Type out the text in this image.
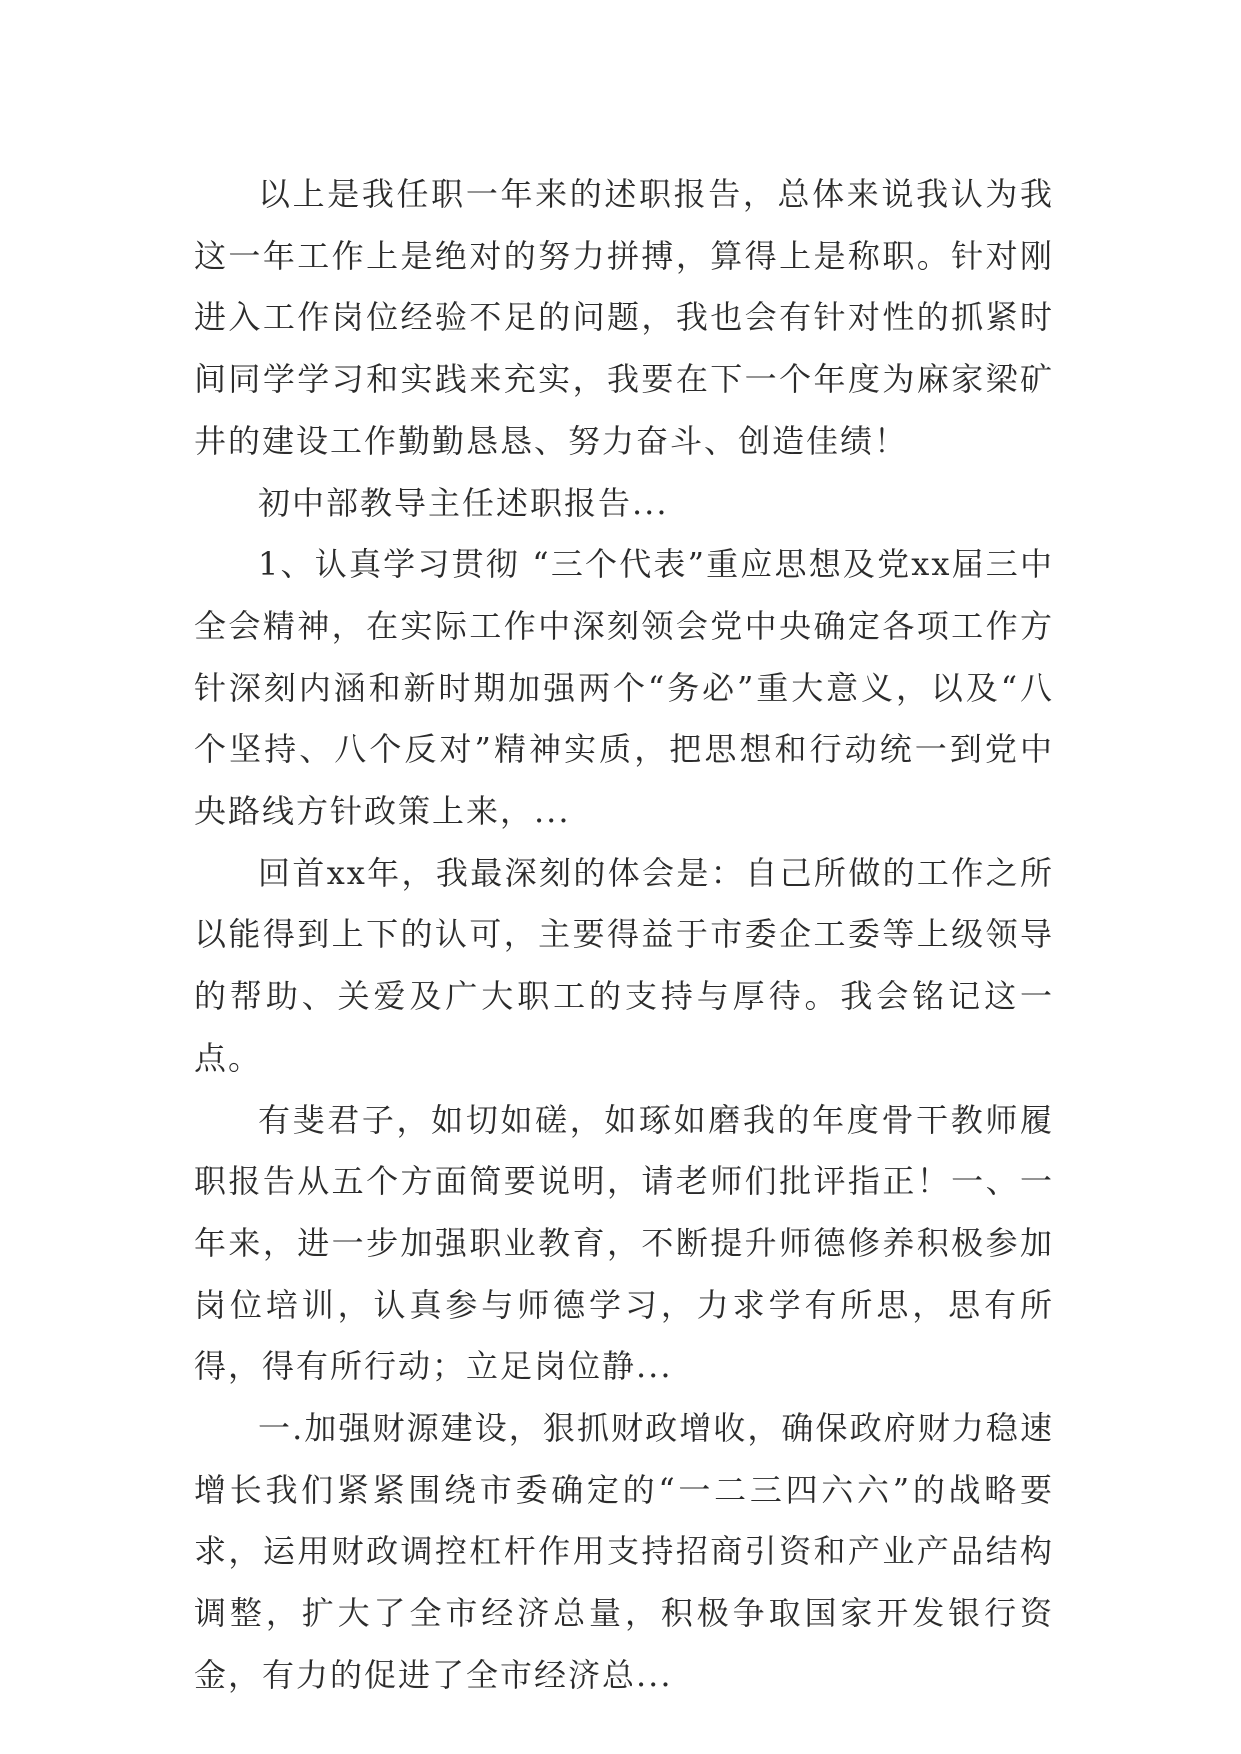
以上是我任职一年来的述职报告，总体来说我认为我这一年工作上是绝对的努力拼搏，算得上是称职。针对刚进入工作岗位经验不足的问题，我也会有针对性的抓紧时间同学学习和实践来充实，我要在下一个年度为麻家梁矿井的建设工作勤勤恳恳、努力奋斗、创造佳绩！

初中部教导主任述职报告...

1、认真学习贯彻 “三个代表”重应思想及党xx届三中全会精神，在实际工作中深刻领会党中央确定各项工作方针深刻内涵和新时期加强两个“务必”重大意义，以及“八个坚持、八个反对”精神实质，把思想和行动统一到党中央路线方针政策上来，...

回首xx年，我最深刻的体会是：自己所做的工作之所以能得到上下的认可，主要得益于市委企工委等上级领导的帮助、关爱及广大职工的支持与厚待。我会铭记这一点。

有斐君子，如切如磋，如琢如磨我的年度骨干教师履职报告从五个方面简要说明，请老师们批评指正！一、一年来，进一步加强职业教育，不断提升师德修养积极参加岗位培训，认真参与师德学习，力求学有所思，思有所得，得有所行动；立足岗位静...

一.加强财源建设，狠抓财政增收，确保政府财力稳速增长我们紧紧围绕市委确定的“一二三四六六”的战略要求，运用财政调控杠杆作用支持招商引资和产业产品结构调整，扩大了全市经济总量，积极争取国家开发银行资金，有力的促进了全市经济总...
